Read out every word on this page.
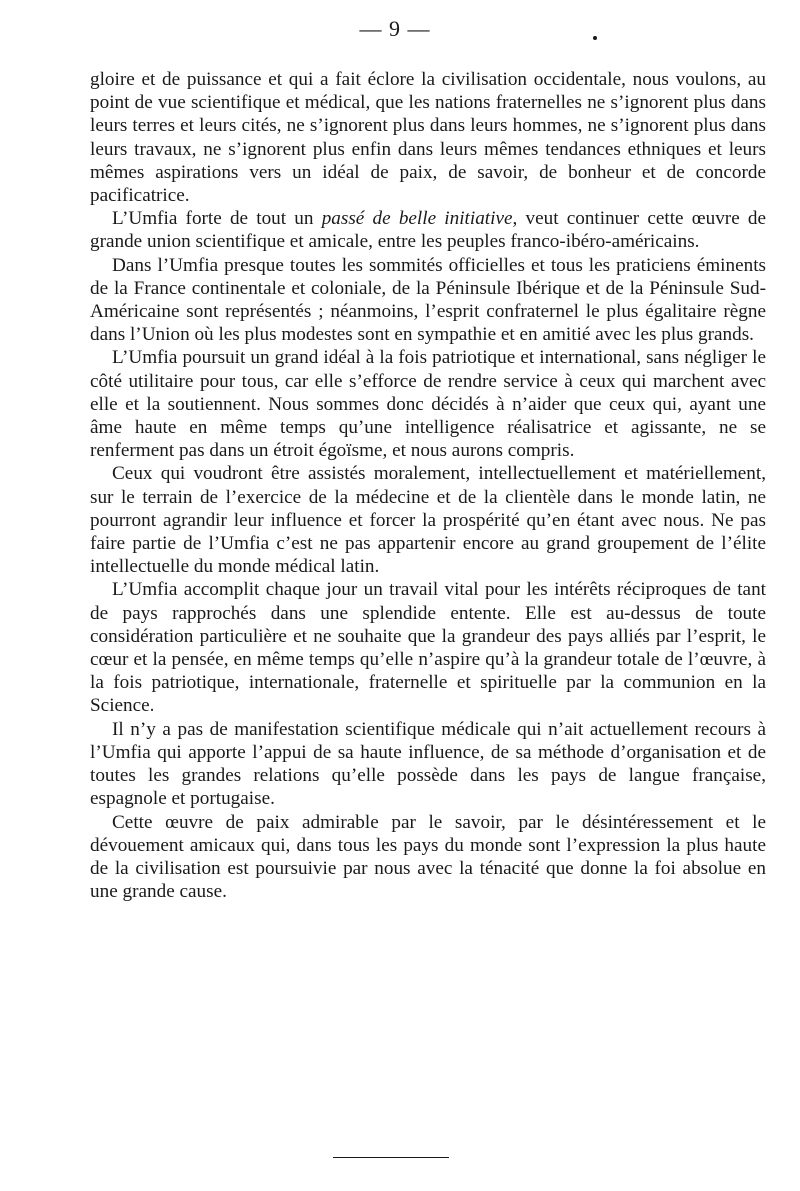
— 9 —

gloire et de puissance et qui a fait éclore la civilisation occidentale, nous voulons, au point de vue scientifique et médical, que les nations fraternelles ne s’ignorent plus dans leurs terres et leurs cités, ne s’ignorent plus dans leurs hommes, ne s’ignorent plus dans leurs travaux, ne s’ignorent plus enfin dans leurs mêmes tendances ethniques et leurs mêmes aspirations vers un idéal de paix, de savoir, de bonheur et de concorde pacificatrice.

L’Umfia forte de tout un passé de belle initiative, veut continuer cette œuvre de grande union scientifique et amicale, entre les peuples franco-ibéro-américains.

Dans l’Umfia presque toutes les sommités officielles et tous les praticiens éminents de la France continentale et coloniale, de la Péninsule Ibérique et de la Péninsule Sud-Américaine sont représentés ; néanmoins, l’esprit confraternel le plus égalitaire règne dans l’Union où les plus modestes sont en sympathie et en amitié avec les plus grands.

L’Umfia poursuit un grand idéal à la fois patriotique et international, sans négliger le côté utilitaire pour tous, car elle s’efforce de rendre service à ceux qui marchent avec elle et la soutiennent. Nous sommes donc décidés à n’aider que ceux qui, ayant une âme haute en même temps qu’une intelligence réalisatrice et agissante, ne se renferment pas dans un étroit égoïsme, et nous aurons compris.

Ceux qui voudront être assistés moralement, intellectuellement et matériellement, sur le terrain de l’exercice de la médecine et de la clientèle dans le monde latin, ne pourront agrandir leur influence et forcer la prospérité qu’en étant avec nous. Ne pas faire partie de l’Umfia c’est ne pas appartenir encore au grand groupement de l’élite intellectuelle du monde médical latin.

L’Umfia accomplit chaque jour un travail vital pour les intérêts réciproques de tant de pays rapprochés dans une splendide entente. Elle est au-dessus de toute considération particulière et ne souhaite que la grandeur des pays alliés par l’esprit, le cœur et la pensée, en même temps qu’elle n’aspire qu’à la grandeur totale de l’œuvre, à la fois patriotique, internationale, fraternelle et spirituelle par la communion en la Science.

Il n’y a pas de manifestation scientifique médicale qui n’ait actuellement recours à l’Umfia qui apporte l’appui de sa haute influence, de sa méthode d’organisation et de toutes les grandes relations qu’elle possède dans les pays de langue française, espagnole et portugaise.

Cette œuvre de paix admirable par le savoir, par le désintéressement et le dévouement amicaux qui, dans tous les pays du monde sont l’expression la plus haute de la civilisation est poursuivie par nous avec la ténacité que donne la foi absolue en une grande cause.
